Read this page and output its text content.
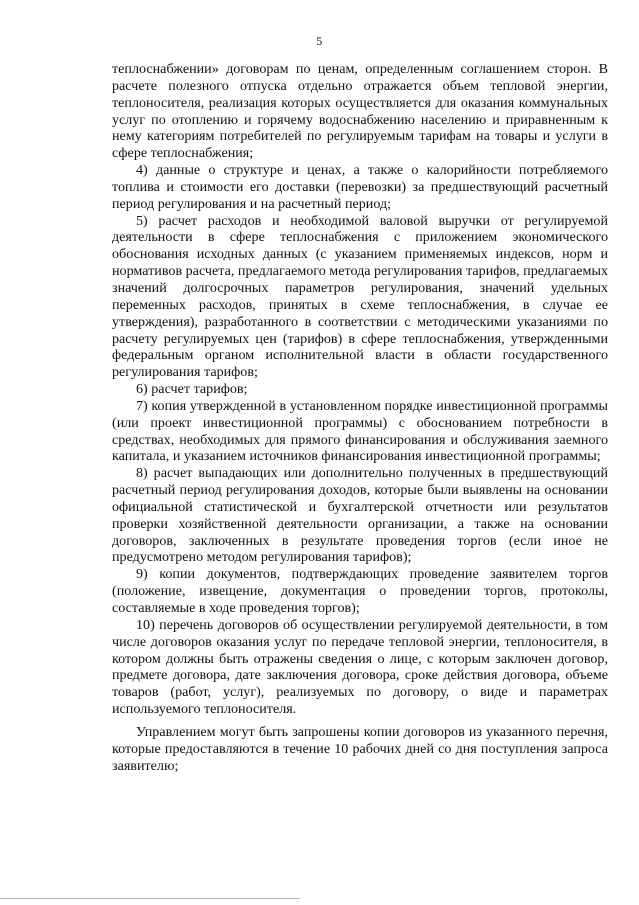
5

теплоснабжении» договорам по ценам, определенным соглашением сторон. В расчете полезного отпуска отдельно отражается объем тепловой энергии, теплоносителя, реализация которых осуществляется для оказания коммунальных услуг по отоплению и горячему водоснабжению населению и приравненным к нему категориям потребителей по регулируемым тарифам на товары и услуги в сфере теплоснабжения;

4) данные о структуре и ценах, а также о калорийности потребляемого топлива и стоимости его доставки (перевозки) за предшествующий расчетный период регулирования и на расчетный период;

5) расчет расходов и необходимой валовой выручки от регулируемой деятельности в сфере теплоснабжения с приложением экономического обоснования исходных данных (с указанием применяемых индексов, норм и нормативов расчета, предлагаемого метода регулирования тарифов, предлагаемых значений долгосрочных параметров регулирования, значений удельных переменных расходов, принятых в схеме теплоснабжения, в случае ее утверждения), разработанного в соответствии с методическими указаниями по расчету регулируемых цен (тарифов) в сфере теплоснабжения, утвержденными федеральным органом исполнительной власти в области государственного регулирования тарифов;

6) расчет тарифов;

7) копия утвержденной в установленном порядке инвестиционной программы (или проект инвестиционной программы) с обоснованием потребности в средствах, необходимых для прямого финансирования и обслуживания заемного капитала, и указанием источников финансирования инвестиционной программы;

8) расчет выпадающих или дополнительно полученных в предшествующий расчетный период регулирования доходов, которые были выявлены на основании официальной статистической и бухгалтерской отчетности или результатов проверки хозяйственной деятельности организации, а также на основании договоров, заключенных в результате проведения торгов (если иное не предусмотрено методом регулирования тарифов);

9) копии документов, подтверждающих проведение заявителем торгов (положение, извещение, документация о проведении торгов, протоколы, составляемые в ходе проведения торгов);

10) перечень договоров об осуществлении регулируемой деятельности, в том числе договоров оказания услуг по передаче тепловой энергии, теплоносителя, в котором должны быть отражены сведения о лице, с которым заключен договор, предмете договора, дате заключения договора, сроке действия договора, объеме товаров (работ, услуг), реализуемых по договору, о виде и параметрах используемого теплоносителя.

Управлением могут быть запрошены копии договоров из указанного перечня, которые предоставляются в течение 10 рабочих дней со дня поступления запроса заявителю;
